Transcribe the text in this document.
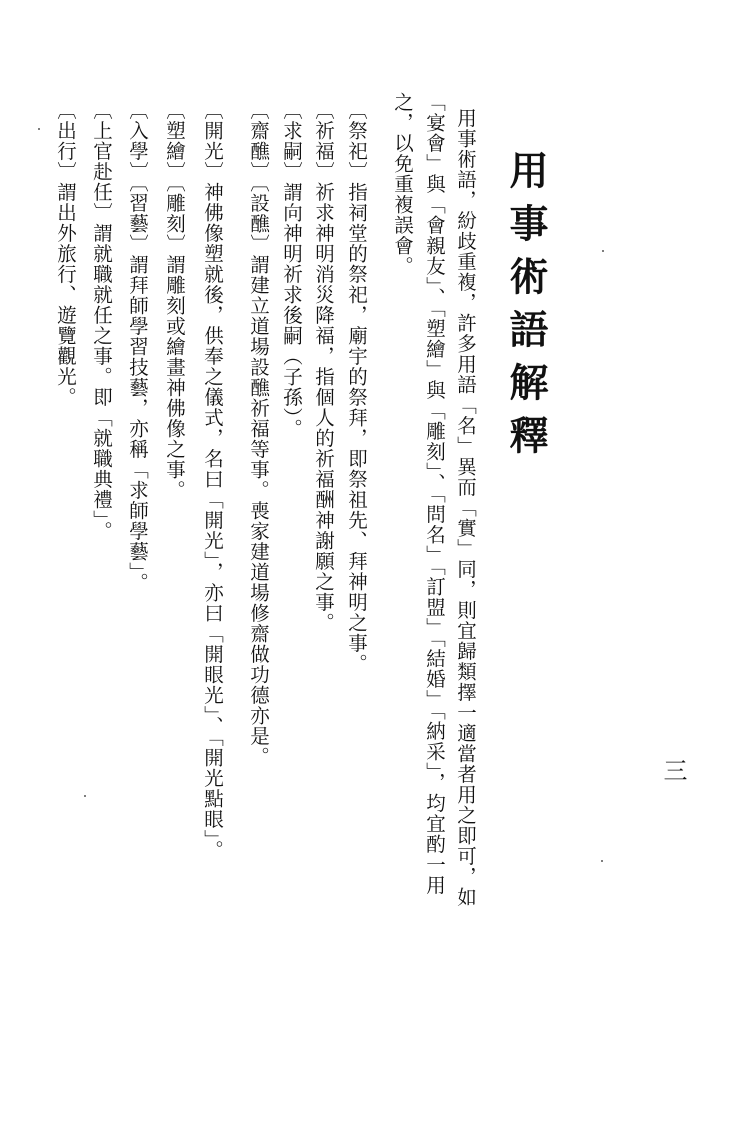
用事術語解釋
用事術語，紛歧重複，許多用語「名」異而「實」同，則宜歸類擇一適當者用之即可，如
「宴會」與「會親友」、「塑繪」與「雕刻」、「問名」「訂盟」「結婚」「納采」，均宜酌一用
之，以免重複誤會。
〔祭祀〕指祠堂的祭祀，廟宇的祭拜，即祭祖先、拜神明之事。
〔祈福〕祈求神明消災降福，指個人的祈福酬神謝願之事。
〔求嗣〕謂向神明祈求後嗣（子孫）。
〔齋醮〕〔設醮〕謂建立道場設醮祈福等事。喪家建道場修齋做功德亦是。
〔開光〕神佛像塑就後，供奉之儀式，名曰「開光」，亦曰「開眼光」、「開光點眼」。
〔塑繪〕〔雕刻〕謂雕刻或繪畫神佛像之事。
〔入學〕〔習藝〕謂拜師學習技藝，亦稱「求師學藝」。
〔上官赴任〕謂就職就任之事。即「就職典禮」。
〔出行〕謂出外旅行、遊覽觀光。
三
